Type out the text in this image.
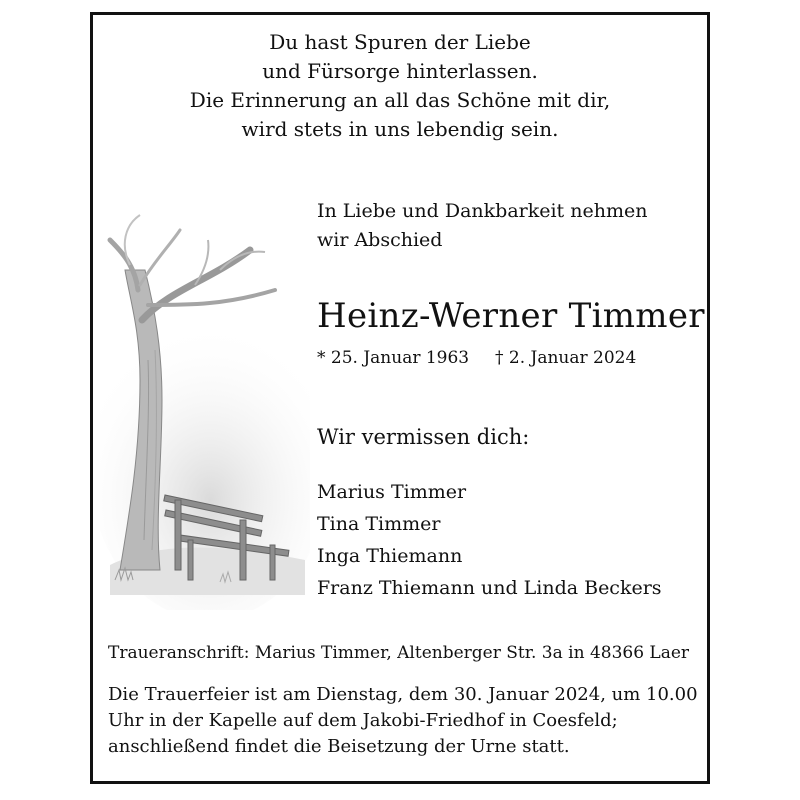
Du hast Spuren der Liebe
und Fürsorge hinterlassen.
Die Erinnerung an all das Schöne mit dir,
wird stets in uns lebendig sein.
In Liebe und Dankbarkeit nehmen
wir Abschied
Heinz-Werner Timmer
* 25. Januar 1963 † 2. Januar 2024
Wir vermissen dich:
Marius Timmer
Tina Timmer
Inga Thiemann
Franz Thiemann und Linda Beckers
Traueranschrift: Marius Timmer, Altenberger Str. 3a in 48366 Laer
Die Trauerfeier ist am Dienstag, dem 30. Januar 2024, um 10.00
Uhr in der Kapelle auf dem Jakobi-Friedhof in Coesfeld;
anschließend findet die Beisetzung der Urne statt.
